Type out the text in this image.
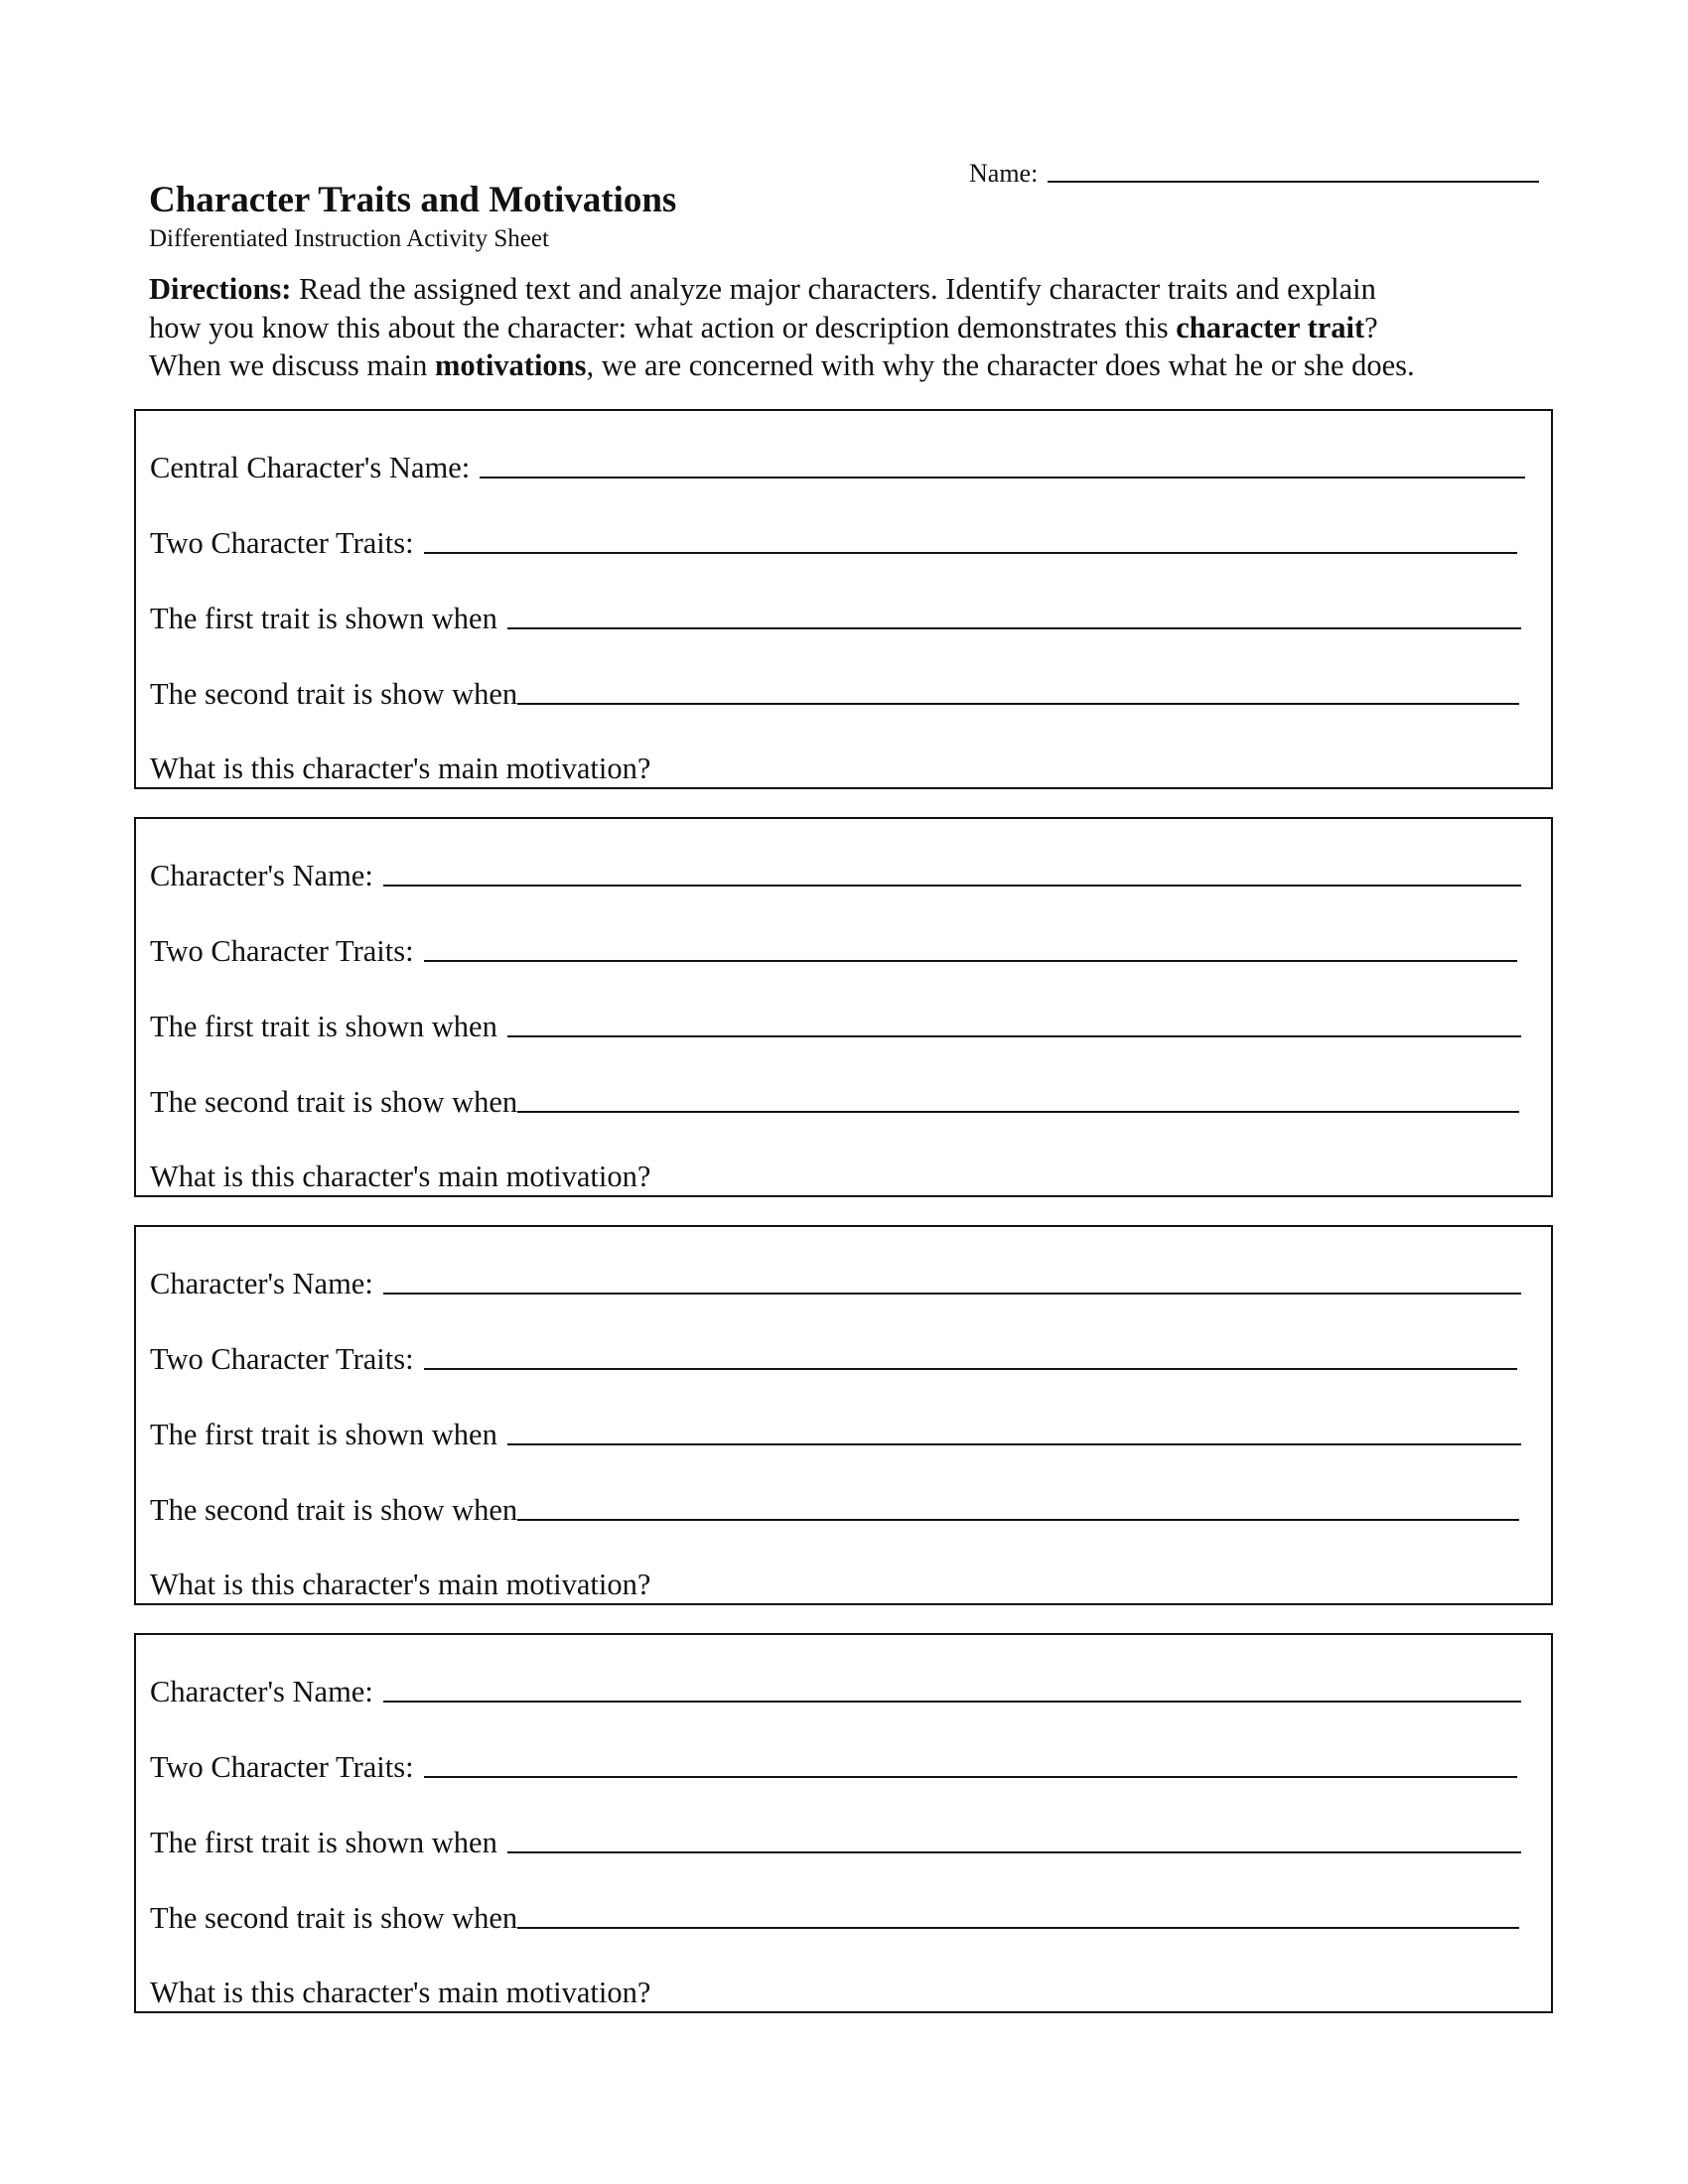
Name:
Character Traits and Motivations
Differentiated Instruction Activity Sheet
Directions: Read the assigned text and analyze major characters. Identify character traits and explain
how you know this about the character: what action or description demonstrates this character trait?
When we discuss main motivations, we are concerned with why the character does what he or she does.
Central Character's Name:
Two Character Traits:
The first trait is shown when
The second trait is show when
What is this character's main motivation?
Character's Name:
Two Character Traits:
The first trait is shown when
The second trait is show when
What is this character's main motivation?
Character's Name:
Two Character Traits:
The first trait is shown when
The second trait is show when
What is this character's main motivation?
Character's Name:
Two Character Traits:
The first trait is shown when
The second trait is show when
What is this character's main motivation?
